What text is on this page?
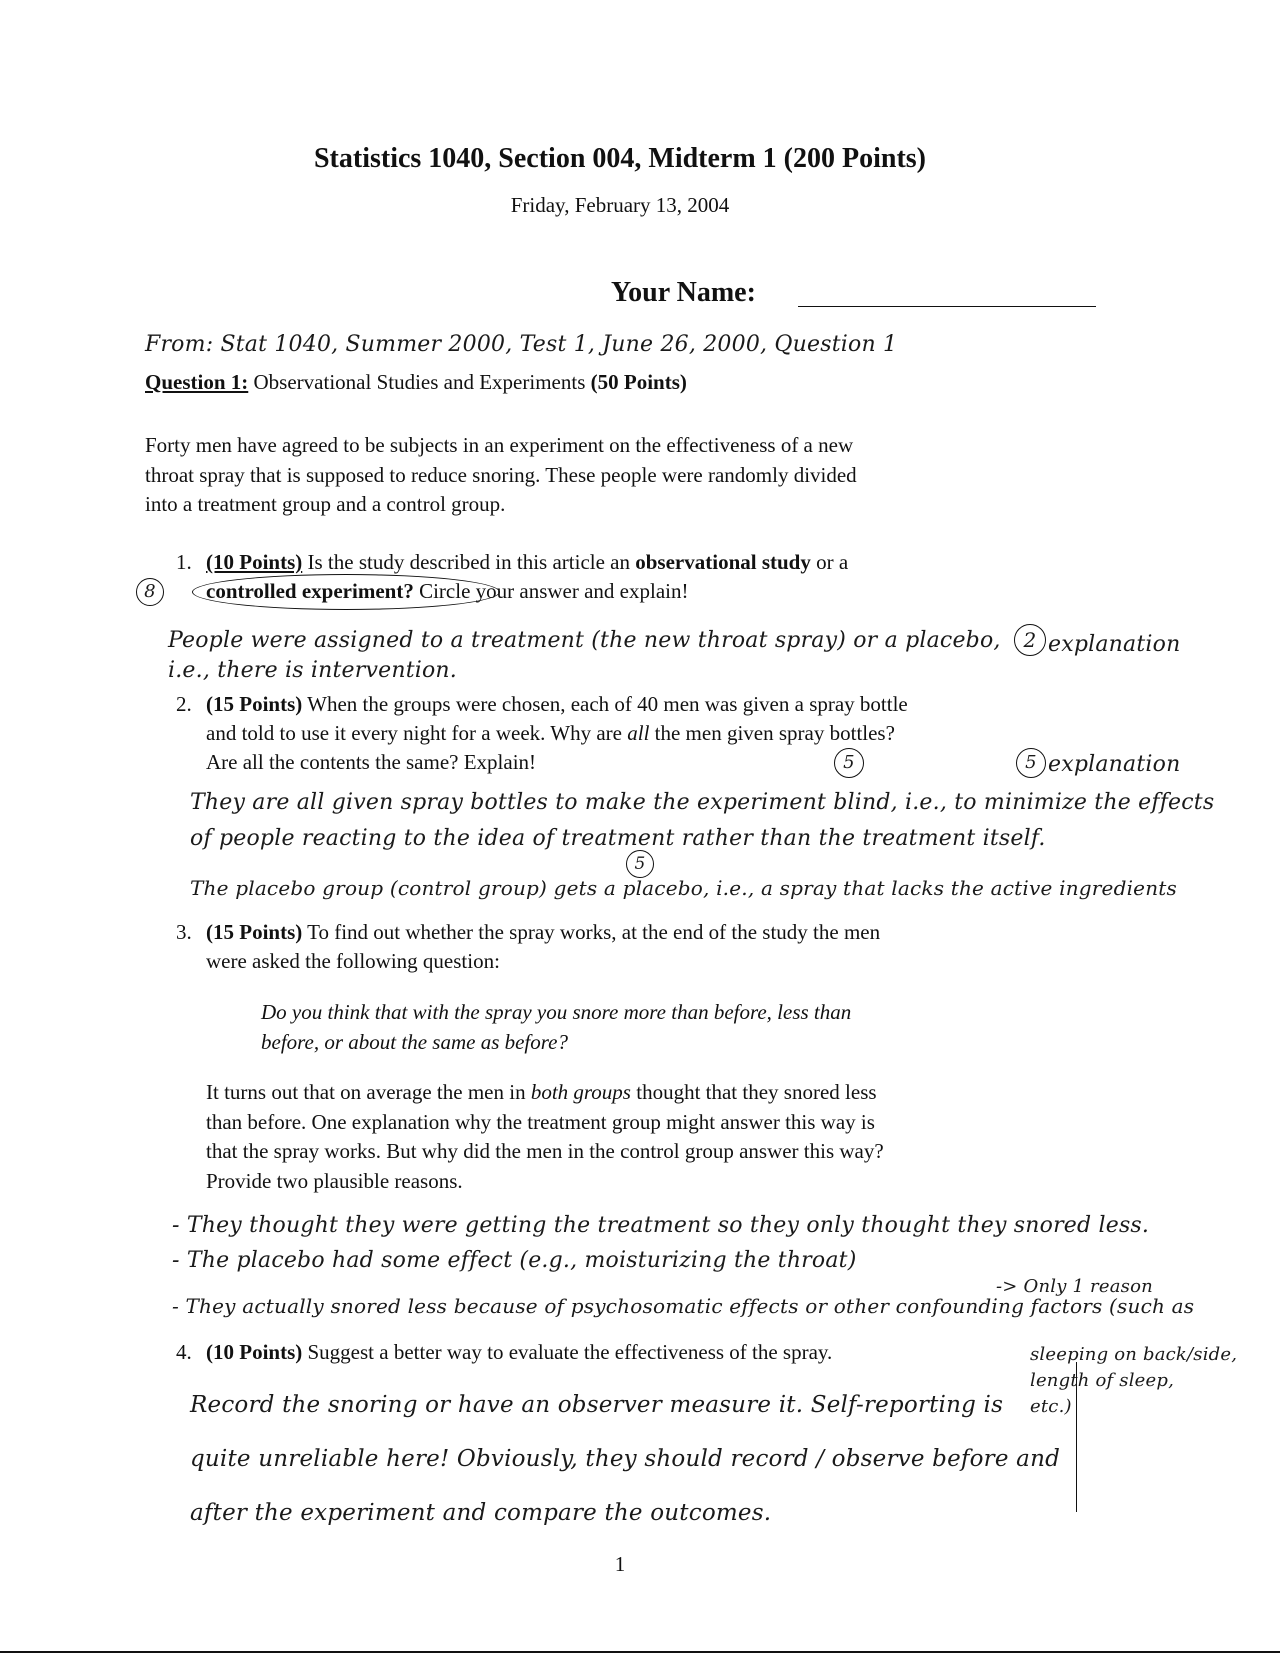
Statistics 1040, Section 004, Midterm 1 (200 Points)
Friday, February 13, 2004
Your Name:
From: Stat 1040, Summer 2000, Test 1, June 26, 2000, Question 1
Question 1: Observational Studies and Experiments (50 Points)
Forty men have agreed to be subjects in an experiment on the effectiveness of a new
throat spray that is supposed to reduce snoring. These people were randomly divided
into a treatment group and a control group.
1. (10 Points) Is the study described in this article an observational study or a
controlled experiment? Circle your answer and explain!
8
People were assigned to a treatment (the new throat spray) or a placebo,
i.e., there is intervention.
2 explanation
2. (15 Points) When the groups were chosen, each of 40 men was given a spray bottle
and told to use it every night for a week. Why are all the men given spray bottles?
Are all the contents the same? Explain!	5	5 explanation
They are all given spray bottles to make the experiment blind, i.e., to minimize the effects
of people reacting to the idea of treatment rather than the treatment itself.
The placebo group (control group) gets a placebo, i.e., a spray that lacks the active ingredients
5
3. (15 Points) To find out whether the spray works, at the end of the study the men
were asked the following question:
Do you think that with the spray you snore more than before, less than
before, or about the same as before?
It turns out that on average the men in both groups thought that they snored less
than before. One explanation why the treatment group might answer this way is
that the spray works. But why did the men in the control group answer this way?
Provide two plausible reasons.
- They thought they were getting the treatment so they only thought they snored less.
- The placebo had some effect (e.g., moisturizing the throat)
- They actually snored less because of psychosomatic effects or other confounding factors (such as
-> Only 1 reason
sleeping on back/side,
length of sleep,
etc.)
4. (10 Points) Suggest a better way to evaluate the effectiveness of the spray.
Record the snoring or have an observer measure it. Self-reporting is
quite unreliable here! Obviously, they should record / observe before and
after the experiment and compare the outcomes.
1
